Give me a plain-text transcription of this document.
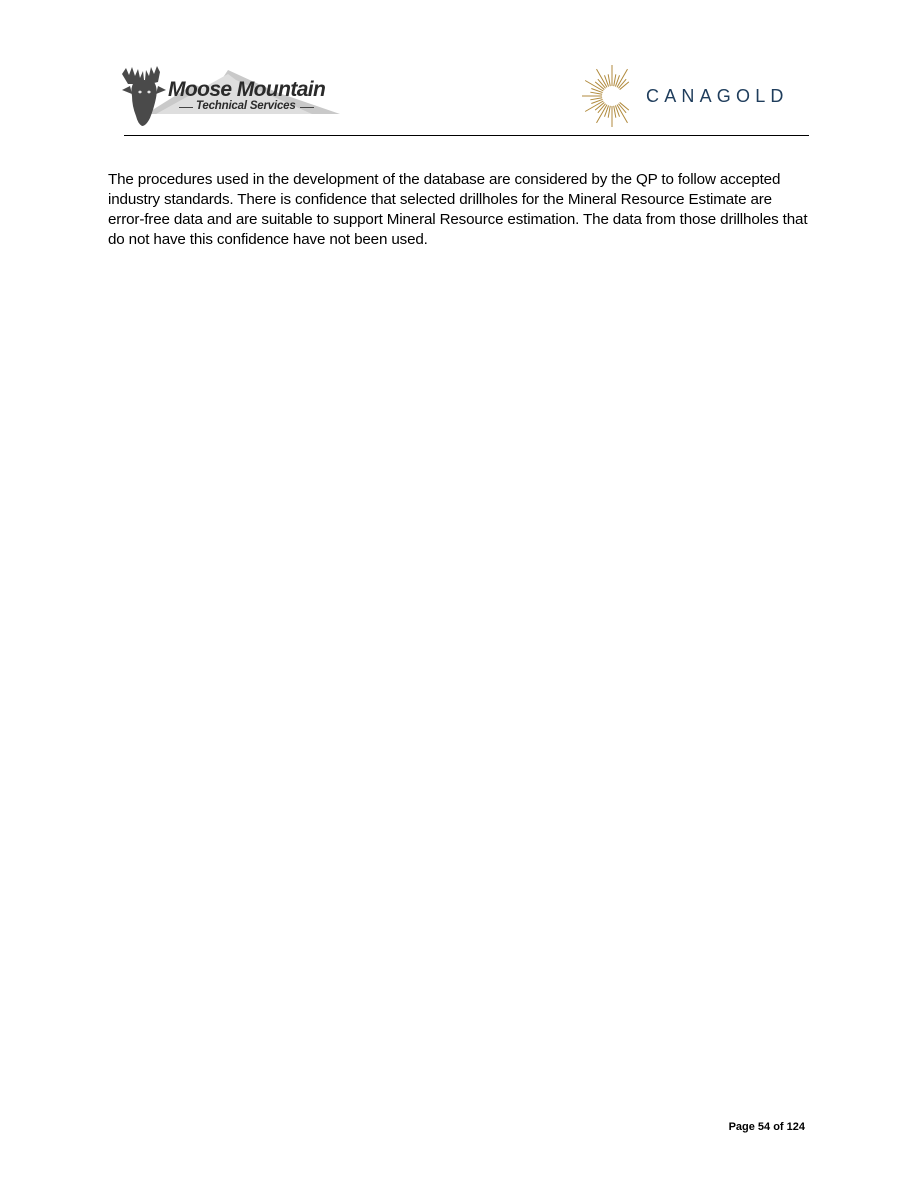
Moose Mountain
Technical Services	CANAGOLD

The procedures used in the development of the database are considered by the QP to follow accepted industry standards. There is confidence that selected drillholes for the Mineral Resource Estimate are error-free data and are suitable to support Mineral Resource estimation. The data from those drillholes that do not have this confidence have not been used.

Page 54 of 124
